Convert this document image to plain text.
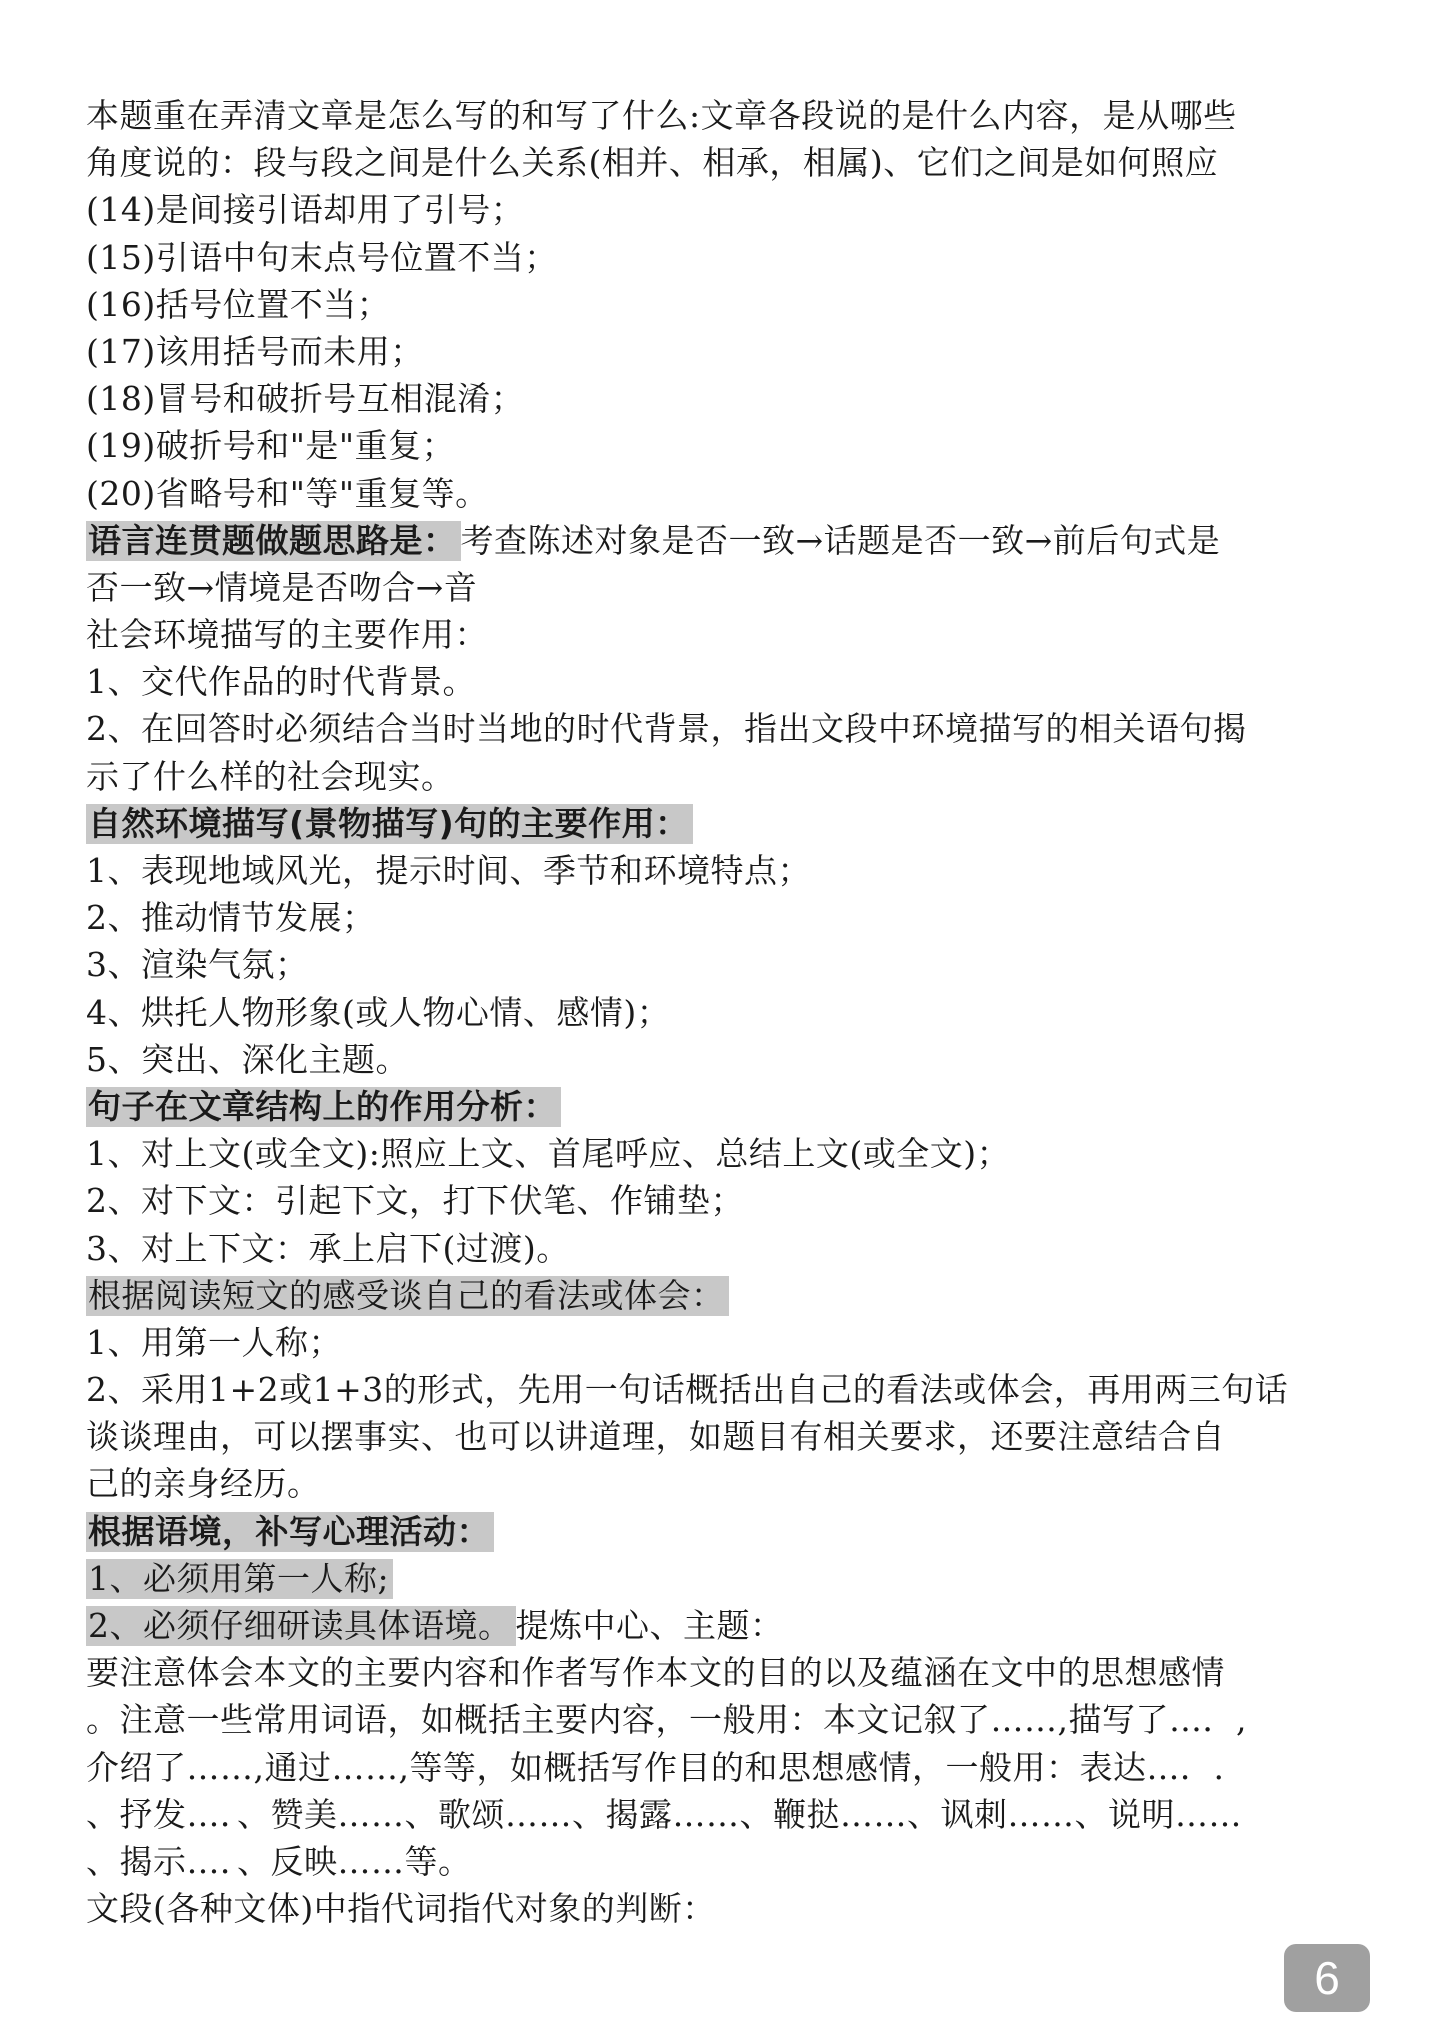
本题重在弄清文章是怎么写的和写了什么:文章各段说的是什么内容，是从哪些
角度说的：段与段之间是什么关系(相并、相承，相属)、它们之间是如何照应
(14)是间接引语却用了引号；
(15)引语中句末点号位置不当；
(16)括号位置不当；
(17)该用括号而未用；
(18)冒号和破折号互相混淆；
(19)破折号和"是"重复；
(20)省略号和"等"重复等。
语言连贯题做题思路是： 考查陈述对象是否一致→话题是否一致→前后句式是
否一致→情境是否吻合→音
社会环境描写的主要作用：
1、交代作品的时代背景。
2、在回答时必须结合当时当地的时代背景，指出文段中环境描写的相关语句揭
示了什么样的社会现实。
自然环境描写(景物描写)句的主要作用：
1、表现地域风光，提示时间、季节和环境特点；
2、推动情节发展；
3、渲染气氛；
4、烘托人物形象(或人物心情、感情)；
5、突出、深化主题。
句子在文章结构上的作用分析：
1、对上文(或全文):照应上文、首尾呼应、总结上文(或全文)；
2、对下文：引起下文，打下伏笔、作铺垫；
3、对上下文：承上启下(过渡)。
根据阅读短文的感受谈自己的看法或体会：
1、用第一人称；
2、采用1+2或1+3的形式，先用一句话概括出自己的看法或体会，再用两三句话
谈谈理由，可以摆事实、也可以讲道理，如题目有相关要求，还要注意结合自
己的亲身经历。
根据语境，补写心理活动：
1、必须用第一人称;
2、必须仔细研读具体语境。 提炼中心、主题：
要注意体会本文的主要内容和作者写作本文的目的以及蕴涵在文中的思想感情
。注意一些常用词语，如概括主要内容，一般用：本文记叙了……,描写了…．,
介绍了……,通过……,等等，如概括写作目的和思想感情，一般用：表达…．.
、抒发…．、赞美……、歌颂……、揭露……、鞭挞……、讽刺……、说明……
、揭示…．、反映……等。
文段(各种文体)中指代词指代对象的判断：
6
